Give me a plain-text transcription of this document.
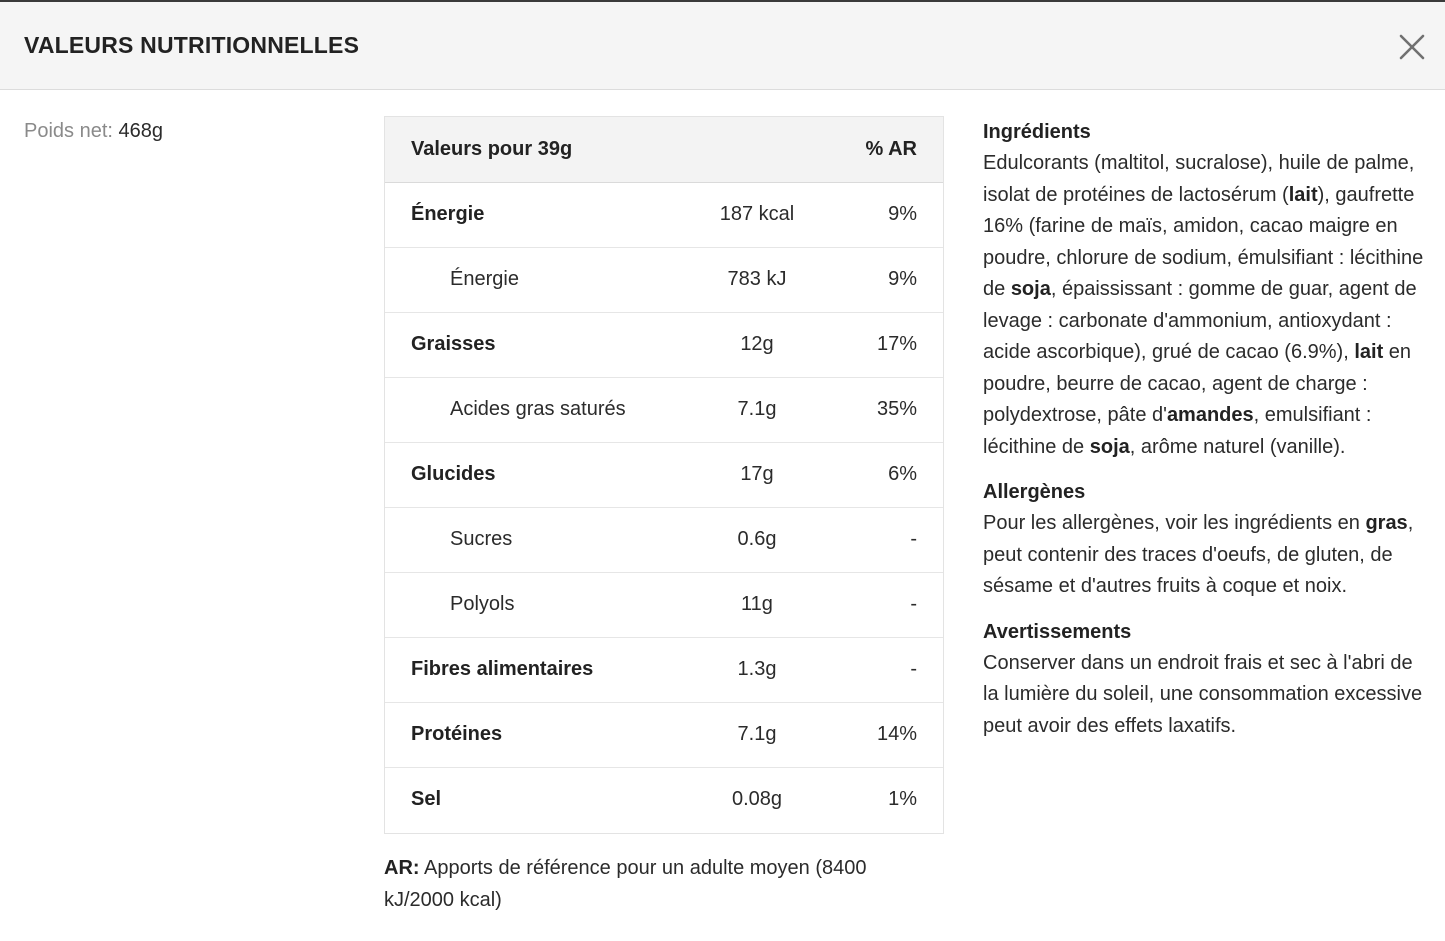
VALEURS NUTRITIONNELLES
Poids net: 468g
Valeurs pour 39g	% AR
Énergie	187 kcal	9%
Énergie	783 kJ	9%
Graisses	12g	17%
Acides gras saturés	7.1g	35%
Glucides	17g	6%
Sucres	0.6g	-
Polyols	11g	-
Fibres alimentaires	1.3g	-
Protéines	7.1g	14%
Sel	0.08g	1%
AR: Apports de référence pour un adulte moyen (8400 kJ/2000 kcal)
Ingrédients
Edulcorants (maltitol, sucralose), huile de palme, isolat de protéines de lactosérum (lait), gaufrette 16% (farine de maïs, amidon, cacao maigre en poudre, chlorure de sodium, émulsifiant : lécithine de soja, épaississant : gomme de guar, agent de levage : carbonate d'ammonium, antioxydant : acide ascorbique), grué de cacao (6.9%), lait en poudre, beurre de cacao, agent de charge : polydextrose, pâte d'amandes, emulsifiant : lécithine de soja, arôme naturel (vanille).
Allergènes
Pour les allergènes, voir les ingrédients en gras, peut contenir des traces d'oeufs, de gluten, de sésame et d'autres fruits à coque et noix.
Avertissements
Conserver dans un endroit frais et sec à l'abri de la lumière du soleil, une consommation excessive peut avoir des effets laxatifs.
